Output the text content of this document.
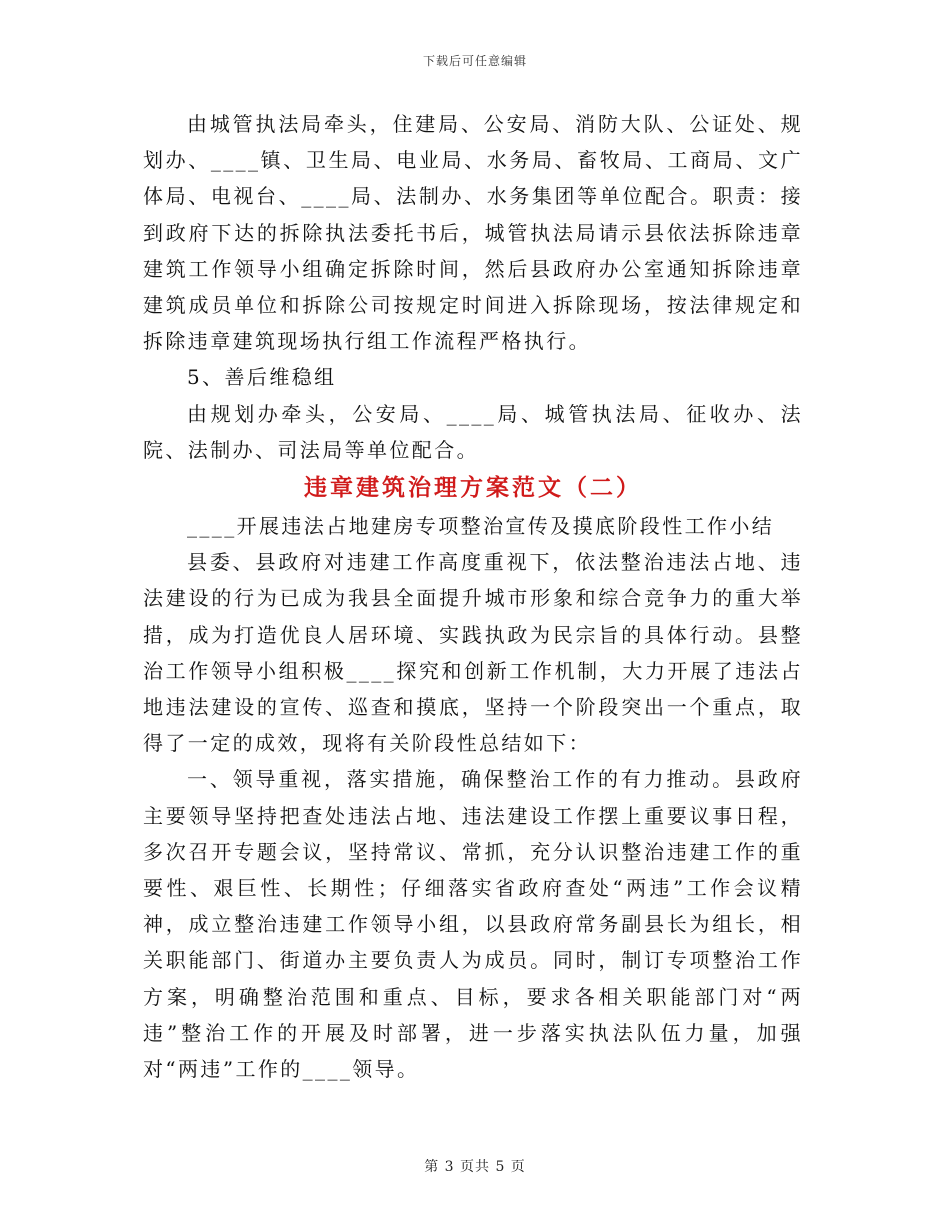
下载后可任意编辑

由城管执法局牵头，住建局、公安局、消防大队、公证处、规划办、____镇、卫生局、电业局、水务局、畜牧局、工商局、文广体局、电视台、____局、法制办、水务集团等单位配合。职责：接到政府下达的拆除执法委托书后，城管执法局请示县依法拆除违章建筑工作领导小组确定拆除时间，然后县政府办公室通知拆除违章建筑成员单位和拆除公司按规定时间进入拆除现场，按法律规定和拆除违章建筑现场执行组工作流程严格执行。

5、善后维稳组

由规划办牵头，公安局、____局、城管执法局、征收办、法院、法制办、司法局等单位配合。

违章建筑治理方案范文（二）

____开展违法占地建房专项整治宣传及摸底阶段性工作小结

县委、县政府对违建工作高度重视下，依法整治违法占地、违法建设的行为已成为我县全面提升城市形象和综合竞争力的重大举措，成为打造优良人居环境、实践执政为民宗旨的具体行动。县整治工作领导小组积极____探究和创新工作机制，大力开展了违法占地违法建设的宣传、巡查和摸底，坚持一个阶段突出一个重点，取得了一定的成效，现将有关阶段性总结如下：

一、领导重视，落实措施，确保整治工作的有力推动。县政府主要领导坚持把查处违法占地、违法建设工作摆上重要议事日程，多次召开专题会议，坚持常议、常抓，充分认识整治违建工作的重要性、艰巨性、长期性；仔细落实省政府查处“两违”工作会议精神，成立整治违建工作领导小组，以县政府常务副县长为组长，相关职能部门、街道办主要负责人为成员。同时，制订专项整治工作方案，明确整治范围和重点、目标，要求各相关职能部门对“两违”整治工作的开展及时部署，进一步落实执法队伍力量，加强对“两违”工作的____领导。

第 3 页共 5 页
